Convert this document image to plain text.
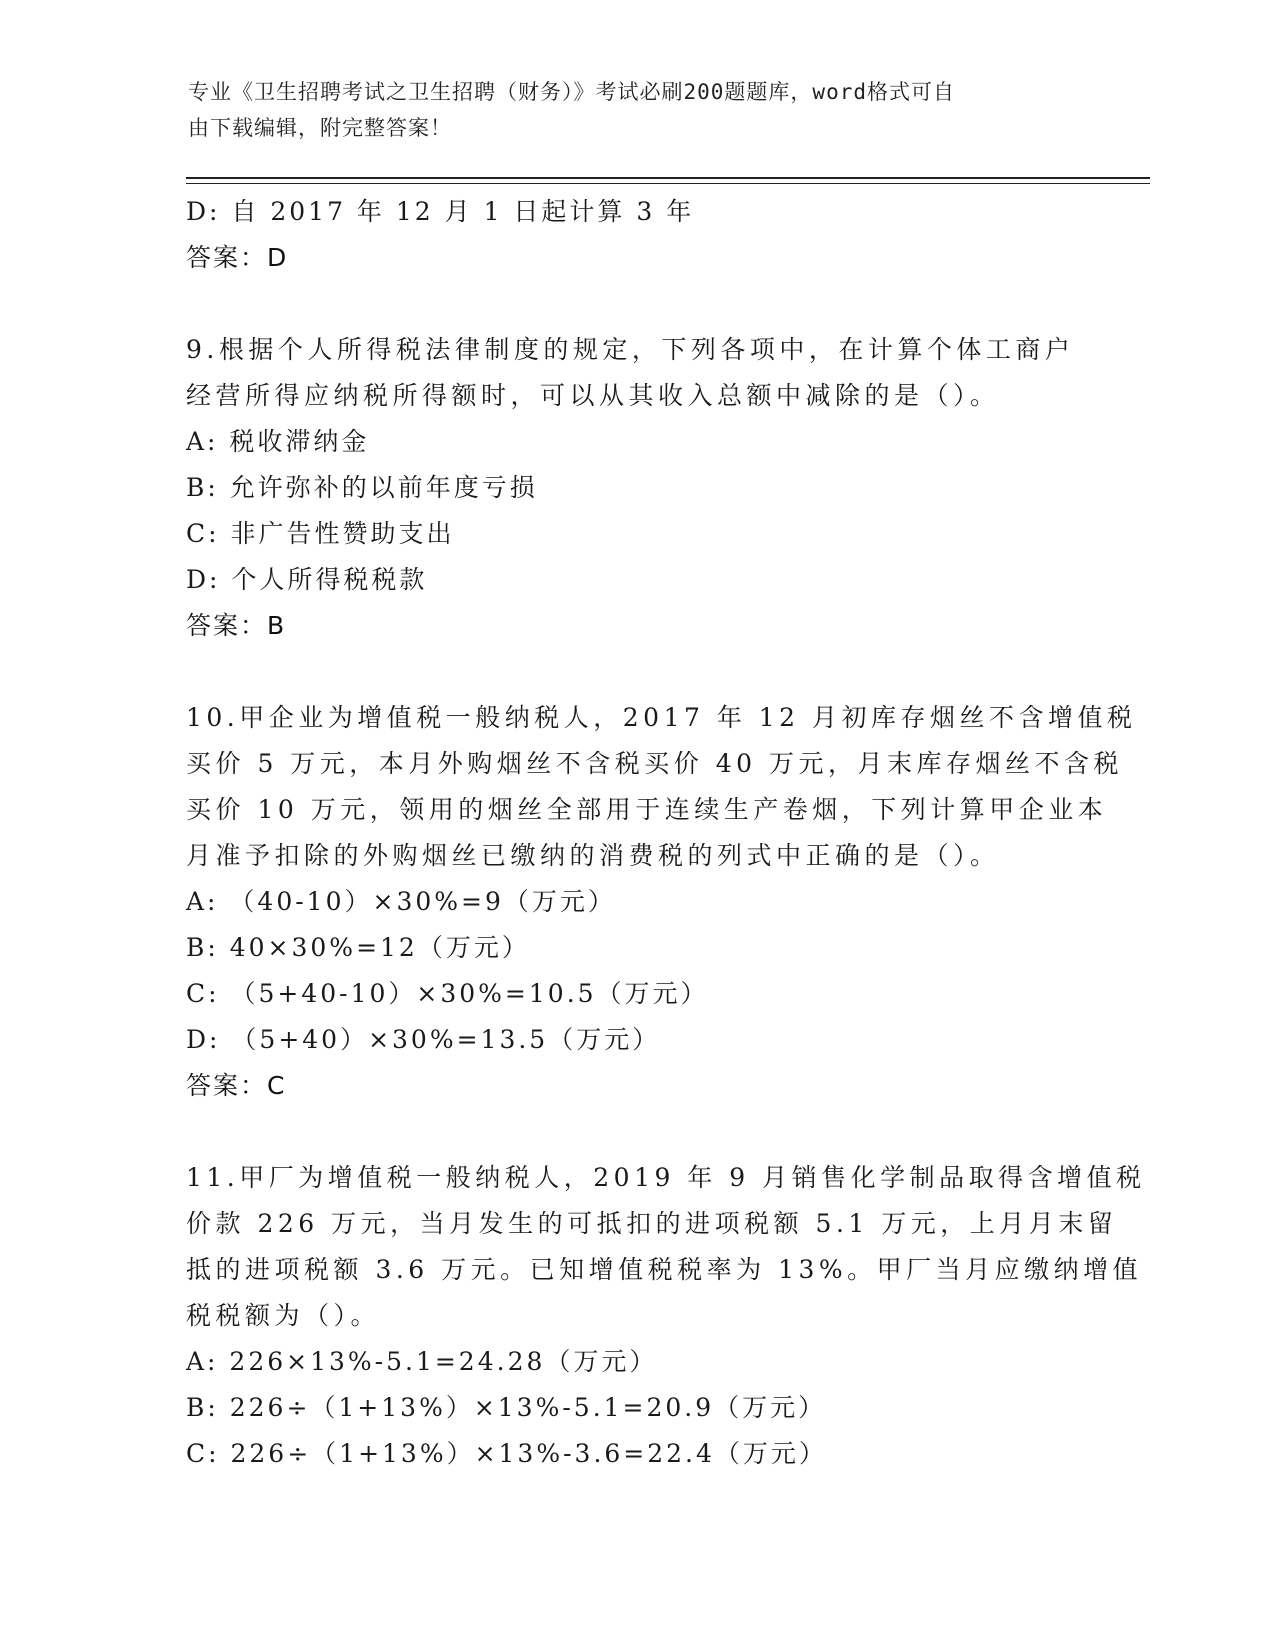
专业《卫生招聘考试之卫生招聘（财务）》考试必刷200题题库，word格式可自
由下载编辑，附完整答案！
D: 自 2017 年 12 月 1 日起计算 3 年
答案：D
9.根据个人所得税法律制度的规定，下列各项中，在计算个体工商户
经营所得应纳税所得额时，可以从其收入总额中减除的是（）。
A: 税收滞纳金
B: 允许弥补的以前年度亏损
C: 非广告性赞助支出
D: 个人所得税税款
答案：B
10.甲企业为增值税一般纳税人，2017 年 12 月初库存烟丝不含增值税
买价 5 万元，本月外购烟丝不含税买价 40 万元，月末库存烟丝不含税
买价 10 万元，领用的烟丝全部用于连续生产卷烟，下列计算甲企业本
月准予扣除的外购烟丝已缴纳的消费税的列式中正确的是（）。
A: （40-10）×30%=9（万元）
B: 40×30%=12（万元）
C: （5+40-10）×30%=10.5（万元）
D: （5+40）×30%=13.5（万元）
答案：C
11.甲厂为增值税一般纳税人，2019 年 9 月销售化学制品取得含增值税
价款 226 万元，当月发生的可抵扣的进项税额 5.1 万元，上月月末留
抵的进项税额 3.6 万元。已知增值税税率为 13%。甲厂当月应缴纳增值
税税额为（）。
A: 226×13%-5.1=24.28（万元）
B: 226÷（1+13%）×13%-5.1=20.9（万元）
C: 226÷（1+13%）×13%-3.6=22.4（万元）
